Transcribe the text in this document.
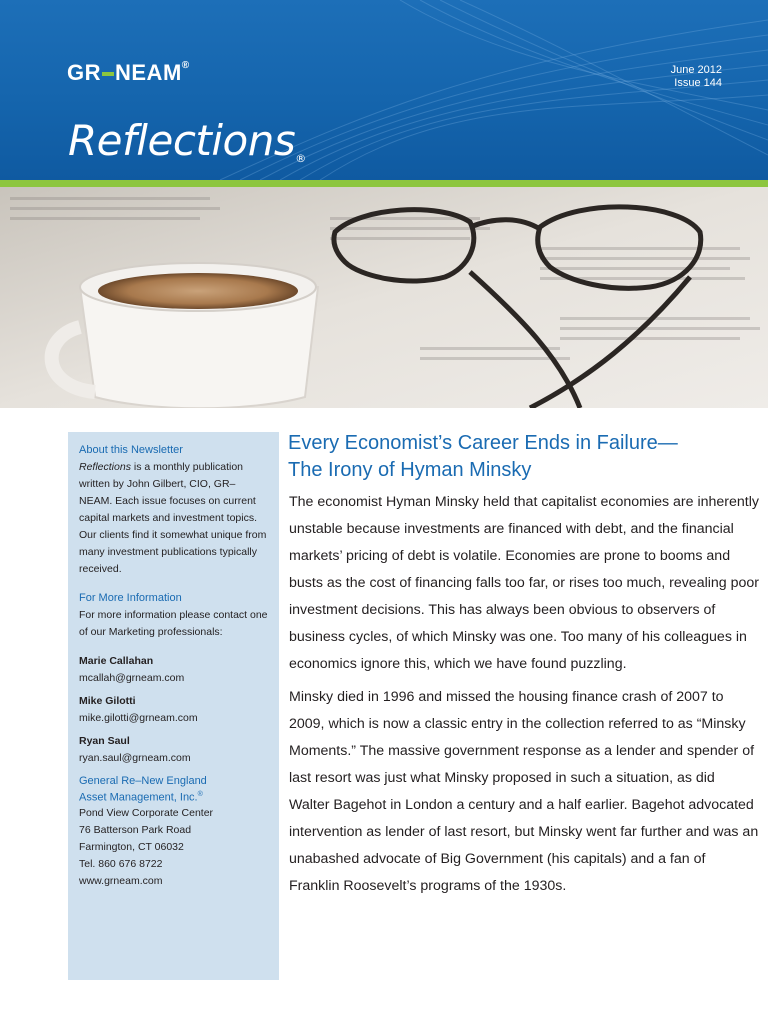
GR NEAM®
Reflections®
June 2012
Issue 144
About this Newsletter
Reflections is a monthly publication written by John Gilbert, CIO, GR–NEAM. Each issue focuses on current capital markets and investment topics. Our clients find it somewhat unique from many investment publications typically received.
For More Information
For more information please contact one of our Marketing professionals:
Marie Callahan
mcallah@grneam.com
Mike Gilotti
mike.gilotti@grneam.com
Ryan Saul
ryan.saul@grneam.com
General Re–New England
Asset Management, Inc.®
Pond View Corporate Center
76 Batterson Park Road
Farmington, CT 06032
Tel. 860 676 8722
www.grneam.com
Every Economist’s Career Ends in Failure—
The Irony of Hyman Minsky

The economist Hyman Minsky held that capitalist economies are inherently unstable because investments are financed with debt, and the financial markets’ pricing of debt is volatile. Economies are prone to booms and busts as the cost of financing falls too far, or rises too much, revealing poor investment decisions. This has always been obvious to observers of business cycles, of which Minsky was one. Too many of his colleagues in economics ignore this, which we have found puzzling.

Minsky died in 1996 and missed the housing finance crash of 2007 to 2009, which is now a classic entry in the collection referred to as “Minsky Moments.” The massive government response as a lender and spender of last resort was just what Minsky proposed in such a situation, as did Walter Bagehot in London a century and a half earlier. Bagehot advocated intervention as lender of last resort, but Minsky went far further and was an unabashed advocate of Big Government (his capitals) and a fan of Franklin Roosevelt’s programs of the 1930s.
